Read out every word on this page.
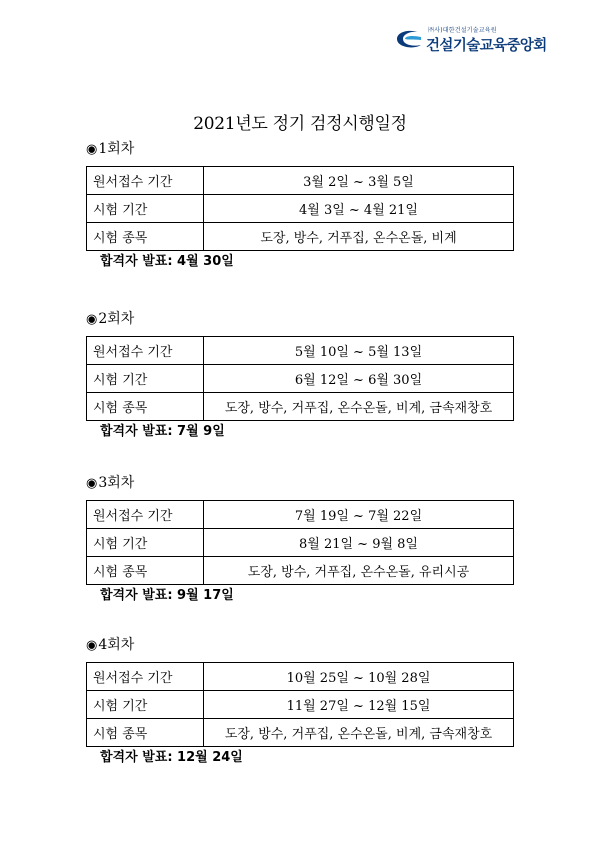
㈜사)대한건설기술교육원
건설기술교육중앙회
2021년도 정기 검정시행일정
◉1회차
원서접수 기간	3월 2일 ~ 3월 5일
시험 기간	4월 3일 ~ 4월 21일
시험 종목	도장, 방수, 거푸집, 온수온돌, 비계
합격자 발표: 4월 30일
◉2회차
원서접수 기간	5월 10일 ~ 5월 13일
시험 기간	6월 12일 ~ 6월 30일
시험 종목	도장, 방수, 거푸집, 온수온돌, 비계, 금속재창호
합격자 발표: 7월 9일
◉3회차
원서접수 기간	7월 19일 ~ 7월 22일
시험 기간	8월 21일 ~ 9월 8일
시험 종목	도장, 방수, 거푸집, 온수온돌, 유리시공
합격자 발표: 9월 17일
◉4회차
원서접수 기간	10월 25일 ~ 10월 28일
시험 기간	11월 27일 ~ 12월 15일
시험 종목	도장, 방수, 거푸집, 온수온돌, 비계, 금속재창호
합격자 발표: 12월 24일
